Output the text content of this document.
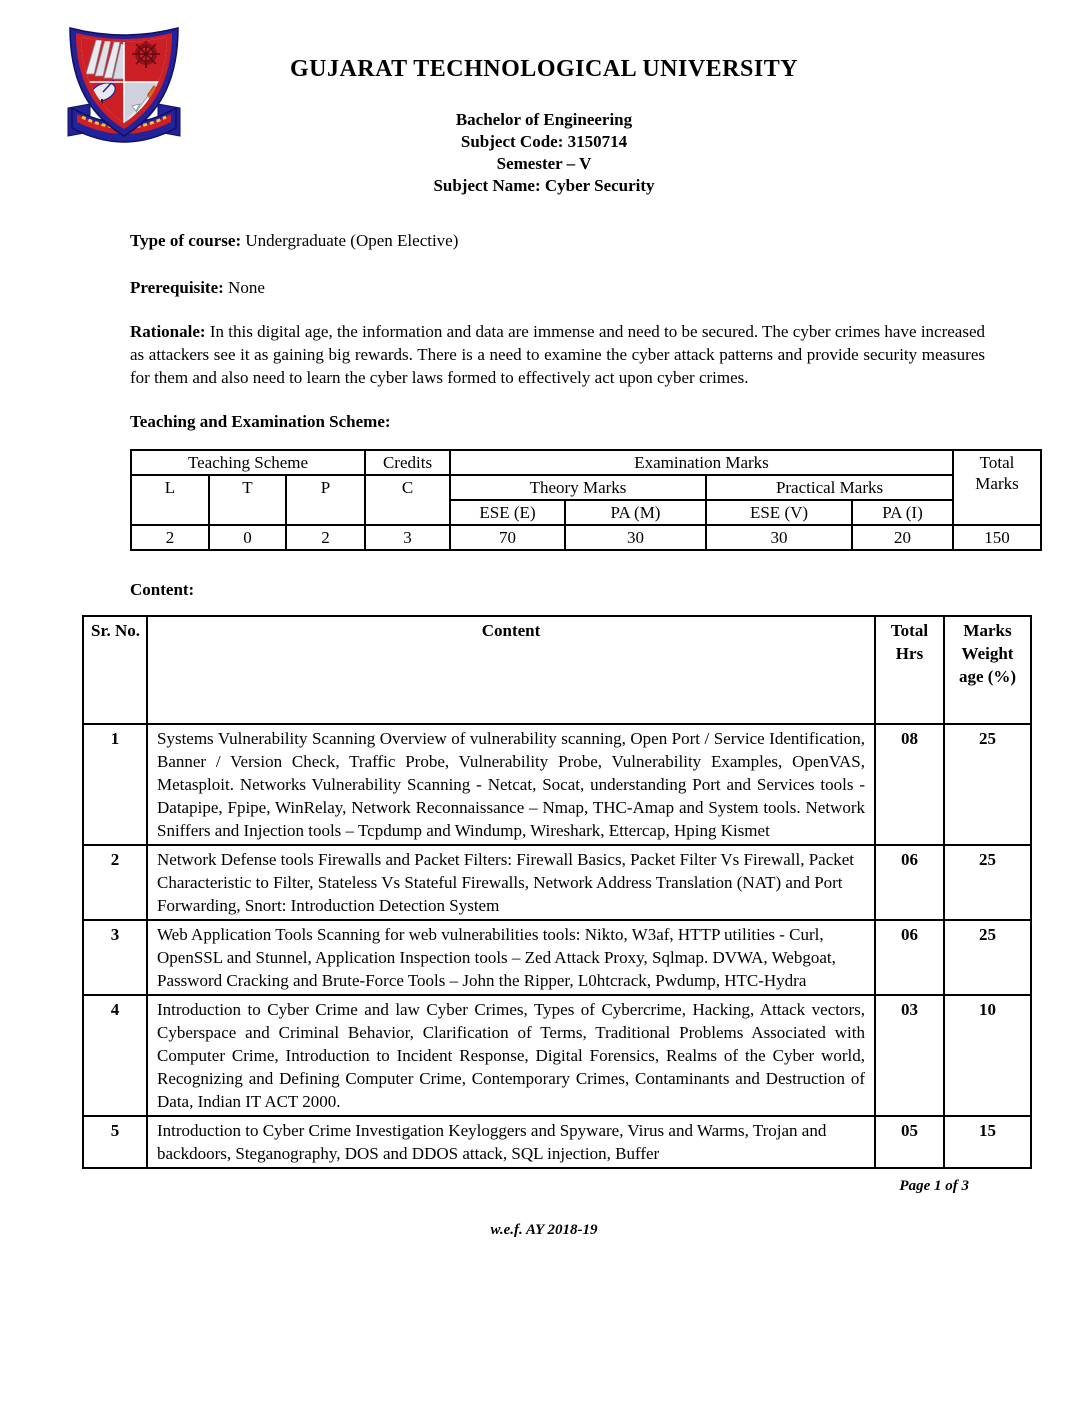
GUJARAT TECHNOLOGICAL UNIVERSITY
Bachelor of Engineering
Subject Code: 3150714
Semester – V
Subject Name: Cyber Security

Type of course: Undergraduate (Open Elective)

Prerequisite: None

Rationale: In this digital age, the information and data are immense and need to be secured. The cyber crimes have increased as attackers see it as gaining big rewards. There is a need to examine the cyber attack patterns and provide security measures for them and also need to learn the cyber laws formed to effectively act upon cyber crimes.

Teaching and Examination Scheme:
Teaching Scheme			Credits	Examination Marks				Total Marks
L	T	P	C	Theory Marks		Practical Marks		
				ESE (E)	PA (M)	ESE (V)	PA (I)	
2	0	2	3	70	30	30	20	150
Content:
Sr. No.	Content	Total Hrs	Marks Weight age (%)
1	Systems Vulnerability Scanning Overview of vulnerability scanning, Open Port / Service Identification, Banner / Version Check, Traffic Probe, Vulnerability Probe, Vulnerability Examples, OpenVAS, Metasploit. Networks Vulnerability Scanning - Netcat, Socat, understanding Port and Services tools - Datapipe, Fpipe, WinRelay, Network Reconnaissance – Nmap, THC-Amap and System tools. Network Sniffers and Injection tools – Tcpdump and Windump, Wireshark, Ettercap, Hping Kismet	08	25
2	Network Defense tools Firewalls and Packet Filters: Firewall Basics, Packet Filter Vs Firewall, Packet Characteristic to Filter, Stateless Vs Stateful Firewalls, Network Address Translation (NAT) and Port Forwarding, Snort: Introduction Detection System	06	25
3	Web Application Tools Scanning for web vulnerabilities tools: Nikto, W3af, HTTP utilities - Curl, OpenSSL and Stunnel, Application Inspection tools – Zed Attack Proxy, Sqlmap. DVWA, Webgoat, Password Cracking and Brute-Force Tools – John the Ripper, L0htcrack, Pwdump, HTC-Hydra	06	25
4	Introduction to Cyber Crime and law Cyber Crimes, Types of Cybercrime, Hacking, Attack vectors, Cyberspace and Criminal Behavior, Clarification of Terms, Traditional Problems Associated with Computer Crime, Introduction to Incident Response, Digital Forensics, Realms of the Cyber world, Recognizing and Defining Computer Crime, Contemporary Crimes, Contaminants and Destruction of Data, Indian IT ACT 2000.	03	10
5	Introduction to Cyber Crime Investigation Keyloggers and Spyware, Virus and Warms, Trojan and backdoors, Steganography, DOS and DDOS attack, SQL injection, Buffer	05	15
Page 1 of 3
w.e.f. AY 2018-19
